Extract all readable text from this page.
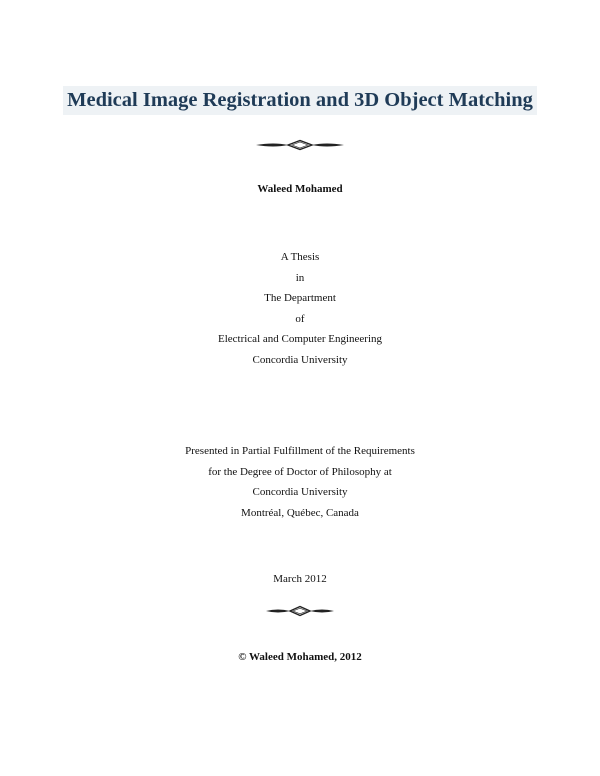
Medical Image Registration and 3D Object Matching
Waleed Mohamed
A Thesis
in
The Department
of
Electrical and Computer Engineering
Concordia University
Presented in Partial Fulfillment of the Requirements
for the Degree of Doctor of Philosophy at
Concordia University
Montréal, Québec, Canada
March 2012
© Waleed Mohamed, 2012
